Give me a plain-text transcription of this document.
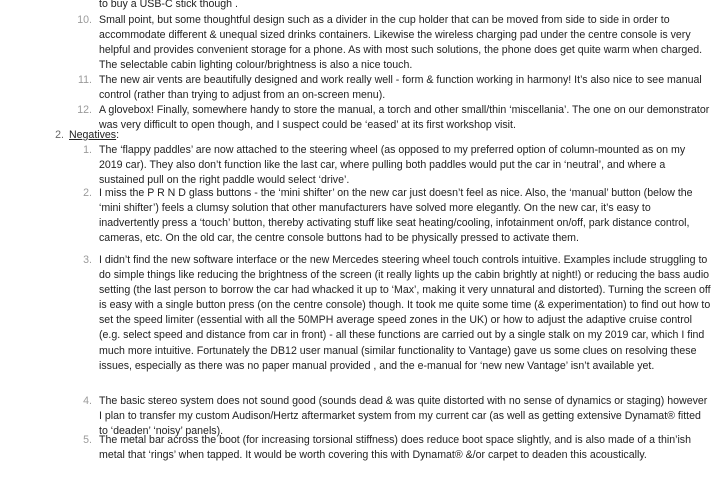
to buy a USB-C stick though .
10. Small point, but some thoughtful design such as a divider in the cup holder that can be moved from side to side in order to accommodate different & unequal sized drinks containers. Likewise the wireless charging pad under the centre console is very helpful and provides convenient storage for a phone. As with most such solutions, the phone does get quite warm when charged. The selectable cabin lighting colour/brightness is also a nice touch.
11. The new air vents are beautifully designed and work really well - form & function working in harmony! It’s also nice to see manual control (rather than trying to adjust from an on-screen menu).
12. A glovebox! Finally, somewhere handy to store the manual, a torch and other small/thin ‘miscellania’. The one on our demonstrator was very difficult to open though, and I suspect could be ‘eased’ at its first workshop visit.
2. Negatives:
1. The ‘flappy paddles’ are now attached to the steering wheel (as opposed to my preferred option of column-mounted as on my 2019 car). They also don’t function like the last car, where pulling both paddles would put the car in ‘neutral’, and where a sustained pull on the right paddle would select ‘drive’.
2. I miss the P R N D glass buttons - the ‘mini shifter’ on the new car just doesn’t feel as nice. Also, the ‘manual’ button (below the ‘mini shifter’) feels a clumsy solution that other manufacturers have solved more elegantly. On the new car, it’s easy to inadvertently press a ‘touch’ button, thereby activating stuff like seat heating/cooling, infotainment on/off, park distance control, cameras, etc. On the old car, the centre console buttons had to be physically pressed to activate them.
3. I didn’t find the new software interface or the new Mercedes steering wheel touch controls intuitive. Examples include struggling to do simple things like reducing the brightness of the screen (it really lights up the cabin brightly at night!) or reducing the bass audio setting (the last person to borrow the car had whacked it up to ‘Max’, making it very unnatural and distorted). Turning the screen off is easy with a single button press (on the centre console) though. It took me quite some time (& experimentation) to find out how to set the speed limiter (essential with all the 50MPH average speed zones in the UK) or how to adjust the adaptive cruise control (e.g. select speed and distance from car in front) - all these functions are carried out by a single stalk on my 2019 car, which I find much more intuitive. Fortunately the DB12 user manual (similar functionality to Vantage) gave us some clues on resolving these issues, especially as there was no paper manual provided , and the e-manual for ‘new new Vantage’ isn’t available yet.
4. The basic stereo system does not sound good (sounds dead & was quite distorted with no sense of dynamics or staging) however I plan to transfer my custom Audison/Hertz aftermarket system from my current car (as well as getting extensive Dynamat® fitted to ‘deaden’ ‘noisy’ panels).
5. The metal bar across the boot (for increasing torsional stiffness) does reduce boot space slightly, and is also made of a thin’ish metal that ‘rings’ when tapped. It would be worth covering this with Dynamat® &/or carpet to deaden this acoustically.
